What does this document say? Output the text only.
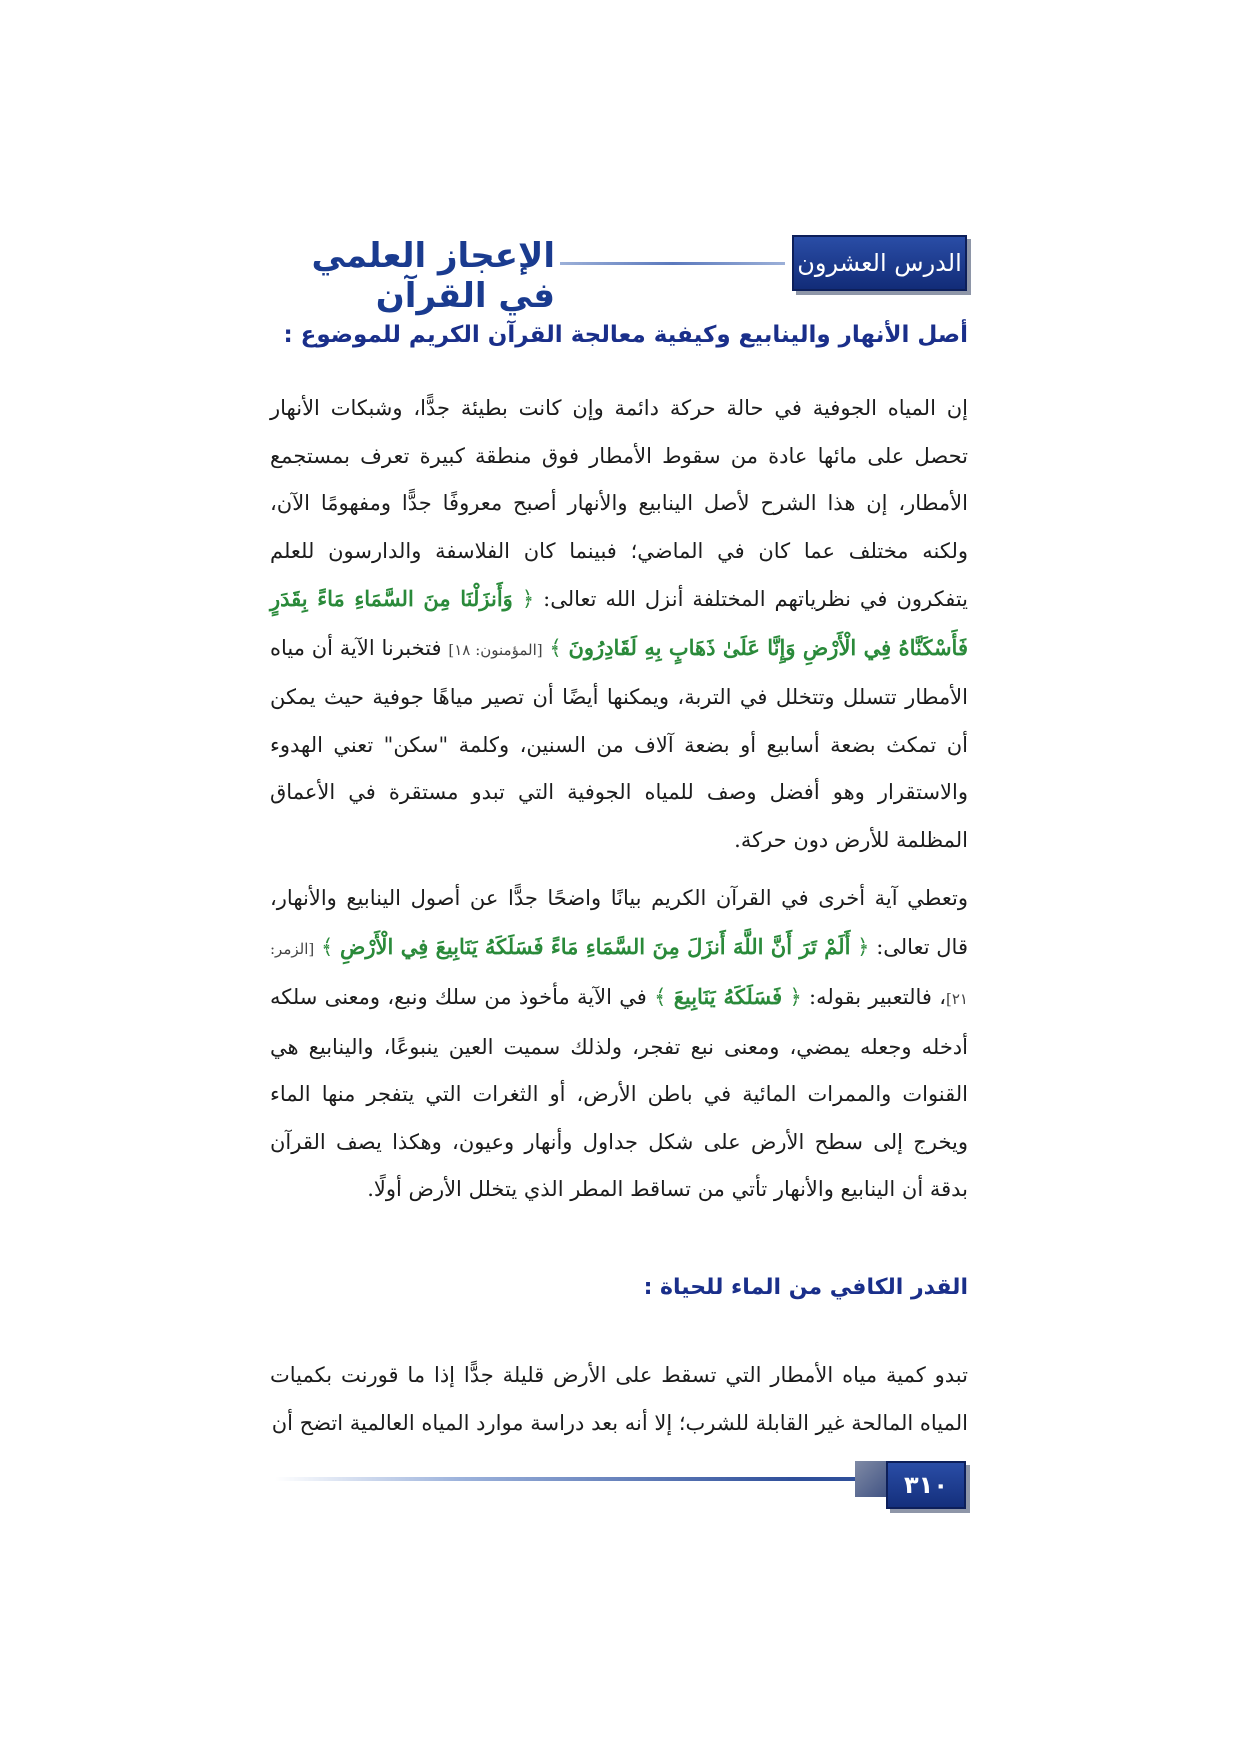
الإعجاز العلمي في القرآن
الدرس العشرون
أصل الأنهار والينابيع وكيفية معالجة القرآن الكريم للموضوع :
إن المياه الجوفية في حالة حركة دائمة وإن كانت بطيئة جدًّا، وشبكات الأنهار تحصل على مائها عادة من سقوط الأمطار فوق منطقة كبيرة تعرف بمستجمع الأمطار، إن هذا الشرح لأصل الينابيع والأنهار أصبح معروفًا جدًّا ومفهومًا الآن، ولكنه مختلف عما كان في الماضي؛ فبينما كان الفلاسفة والدارسون للعلم يتفكرون في نظرياتهم المختلفة أنزل الله تعالى: ﴿ وَأَنزَلْنَا مِنَ السَّمَاءِ مَاءً بِقَدَرٍ فَأَسْكَنَّاهُ فِي الْأَرْضِ وَإِنَّا عَلَىٰ ذَهَابٍ بِهِ لَقَادِرُونَ ﴾ [المؤمنون: ١٨] فتخبرنا الآية أن مياه الأمطار تتسلل وتتخلل في التربة، ويمكنها أيضًا أن تصير مياهًا جوفية حيث يمكن أن تمكث بضعة أسابيع أو بضعة آلاف من السنين، وكلمة "سكن" تعني الهدوء والاستقرار وهو أفضل وصف للمياه الجوفية التي تبدو مستقرة في الأعماق المظلمة للأرض دون حركة.
وتعطي آية أخرى في القرآن الكريم بيانًا واضحًا جدًّا عن أصول الينابيع والأنهار، قال تعالى: ﴿ أَلَمْ تَرَ أَنَّ اللَّهَ أَنزَلَ مِنَ السَّمَاءِ مَاءً فَسَلَكَهُ يَنَابِيعَ فِي الْأَرْضِ ﴾ [الزمر: ٢١]، فالتعبير بقوله: ﴿ فَسَلَكَهُ يَنَابِيعَ ﴾ في الآية مأخوذ من سلك ونبع، ومعنى سلكه أدخله وجعله يمضي، ومعنى نبع تفجر، ولذلك سميت العين ينبوعًا، والينابيع هي القنوات والممرات المائية في باطن الأرض، أو الثغرات التي يتفجر منها الماء ويخرج إلى سطح الأرض على شكل جداول وأنهار وعيون، وهكذا يصف القرآن بدقة أن الينابيع والأنهار تأتي من تساقط المطر الذي يتخلل الأرض أولًا.
القدر الكافي من الماء للحياة :
تبدو كمية مياه الأمطار التي تسقط على الأرض قليلة جدًّا إذا ما قورنت بكميات المياه المالحة غير القابلة للشرب؛ إلا أنه بعد دراسة موارد المياه العالمية اتضح أن
٣١٠
